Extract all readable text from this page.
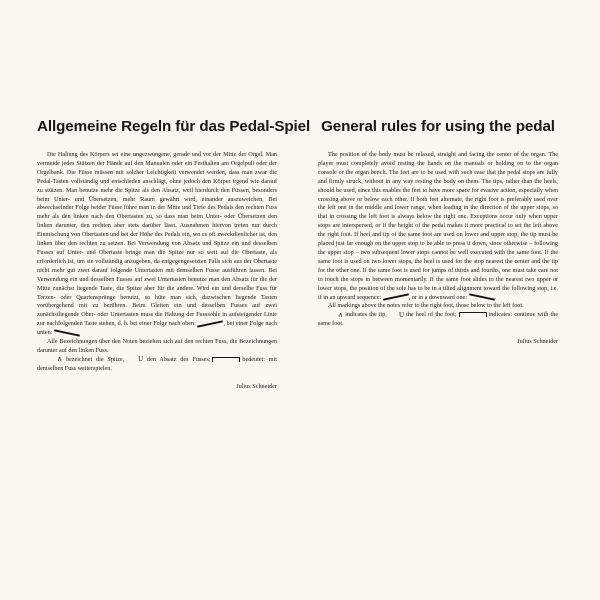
Allgemeine Regeln für das Pedal-Spiel

Die Haltung des Körpers sei eine ungezwungene, gerade und vor der Mitte der Orgel. Man vermeide jedes Stützen der Hände auf den Manualen oder ein Festhalten am Orgelpult oder der Orgelbank. Die Füsse müssen mit solcher Leichtigkeit verwendet werden, dass man zwar die Pedal-Tasten vollständig und entschieden anschlägt, ohne jedoch den Körper irgend wie darauf zu stützen. Man benutze mehr die Spitze als den Absatz, weil hierdurch den Füssen, besonders beim Unter- und Übersetzen, mehr Raum gewährt wird, einander auszuweichen. Bei abwechselnder Folge beider Füsse führe man in der Mitte und Tiefe des Pedals den rechten Fuss mehr als den linken nach den Obertasten zu, so dass man beim Unter- oder Übersetzen den linken darunter, den rechten aber stets darüber lässt. Ausnahmen hiervon treten nur durch Einmischung von Obertasten und bei der Höhe des Pedals ein, wo es oft zweckdienlicher ist, den linken über den rechten zu setzen. Bei Verwendung von Absatz und Spitze ein und desselben Fusses auf Unter- und Obertaste bringe man die Spitze nur so weit auf die Obertaste, als erforderlich ist, um sie vollständig anzugeben, da entgegengesetzten Falls sich aus der Obertaste nicht mehr gut zwei darauf folgende Untertasten mit demselben Fusse ausführen lassen. Bei Verwendung ein und desselben Fusses auf zwei Untertasten benutze man den Absatz für die der Mitte zunächst liegende Taste, die Spitze aber für die andere. Wird ein und derselbe Fuss für Terzen- oder Quartensprünge benutzt, so hüte man sich, dazwischen liegende Tasten vorübergehend mit zu berühren. Beim Gleiten ein und desselben Fusses auf zwei zunächstliegende Ober- oder Untertasten muss die Haltung der Fusssohle in aufsteigender Linie zur nachfolgenden Taste stehen, d. h. bei einer Folge nach oben:	, bei einer Folge nach unten:

Alle Bezeichnungen über den Noten beziehen sich auf den rechten Fuss, die Bezeichnungen darunter auf den linken Fuss.

∧ bezeichnet die Spitze, U den Absatz des Fusses;	bedeutet: mit demselben Fuss weiterspielen.

Julius Schneider
General rules for using the pedal

The position of the body must be relaxed, straight and facing the center of the organ. The player must completely avoid resting the hands on the manuals or holding on to the organ console or the organ bench. The feet are to be used with such ease that the pedal stops are fully and firmly struck, without in any way resting the body on them. The tips, rather than the heels, should be used, since this enables the feet to have more space for evasive action, especially when crossing above or below each other. If both feet alternate, the right foot is preferably used over the left one in the middle and lower range, when leading in the direction of the upper stops, so that in crossing the left foot is always below the right one. Exceptions occur only when upper stops are interspersed, or if the height of the pedal makes it more practical to set the left above the right foot. If heel and tip of the same foot are used on lower and upper stop, the tip must be placed just far enough on the upper stop to be able to press it down, since otherwise – following the upper stop – two subsequent lower stops cannot be well executed with the same foot. If the same foot is used on two lower stops, the heel is used for the stop nearest the center and the tip for the other one. If the same foot is used for jumps of thirds and fourths, one must take care not to touch the stops in between momentarily. If the same foot slides to the nearest two upper or lower stops, the position of the sole has to be in a tilted alignment toward the following stop, i.e. if in an upward sequence:	, or in a downward one:	.

All markings above the notes refer to the right foot, those below to the left foot.

∧ indicates the tip, U the heel of the foot;	indicates: continue with the same foot.

Julius Schneider
